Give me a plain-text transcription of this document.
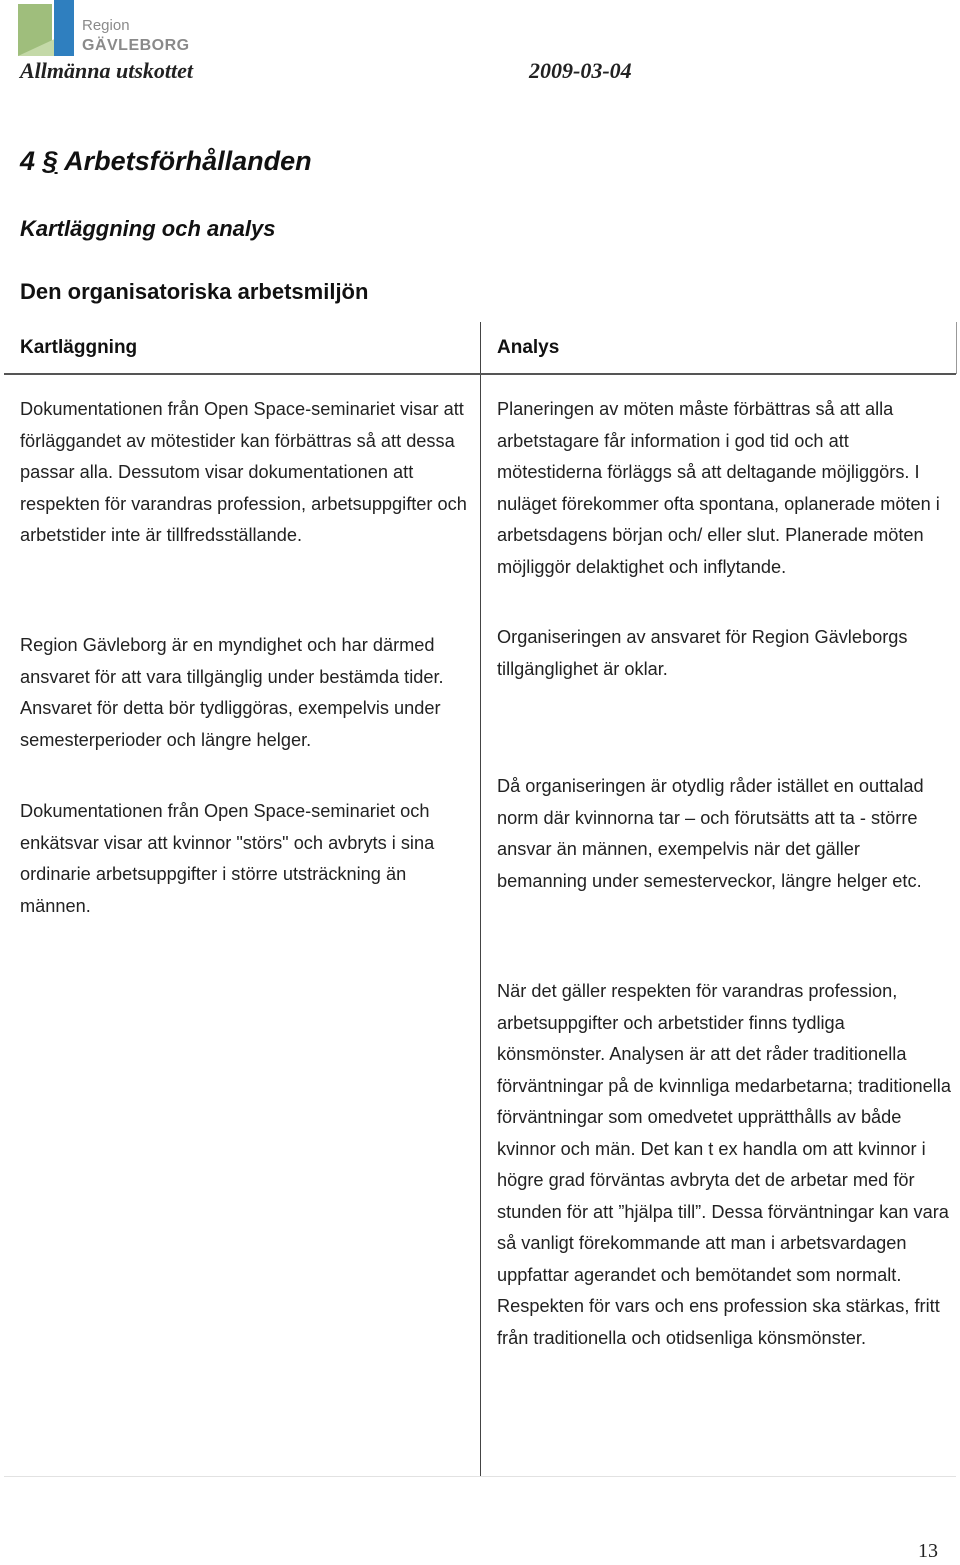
Region
GÄVLEBORG
Allmänna utskottet	2009-03-04
4 § Arbetsförhållanden
Kartläggning och analys
Den organisatoriska arbetsmiljön
Kartläggning	Analys

Dokumentationen från Open Space-seminariet visar att förläggandet av mötestider kan förbättras så att dessa passar alla. Dessutom visar dokumentationen att respekten för varandras profession, arbetsuppgifter och arbetstider inte är tillfredsställande.

Region Gävleborg är en myndighet och har därmed ansvaret för att vara tillgänglig under bestämda tider. Ansvaret för detta bör tydliggöras, exempelvis under semesterperioder och längre helger.

Dokumentationen från Open Space-seminariet och enkätsvar visar att kvinnor "störs" och avbryts i sina ordinarie arbetsuppgifter i större utsträckning än männen.

Planeringen av möten måste förbättras så att alla arbetstagare får information i god tid och att mötestiderna förläggs så att deltagande möjliggörs. I nuläget förekommer ofta spontana, oplanerade möten i arbetsdagens början och/ eller slut. Planerade möten möjliggör delaktighet och inflytande.

Organiseringen av ansvaret för Region Gävleborgs tillgänglighet är oklar.

Då organiseringen är otydlig råder istället en outtalad norm där kvinnorna tar – och förutsätts att ta - större ansvar än männen, exempelvis när det gäller bemanning under semesterveckor, längre helger etc.

När det gäller respekten för varandras profession, arbetsuppgifter och arbetstider finns tydliga könsmönster. Analysen är att det råder traditionella förväntningar på de kvinnliga medarbetarna; traditionella förväntningar som omedvetet upprätthålls av både kvinnor och män. Det kan t ex handla om att kvinnor i högre grad förväntas avbryta det de arbetar med för stunden för att ”hjälpa till”. Dessa förväntningar kan vara så vanligt förekommande att man i arbetsvardagen uppfattar agerandet och bemötandet som normalt. Respekten för vars och ens profession ska stärkas, fritt från traditionella och otidsenliga könsmönster.

13
